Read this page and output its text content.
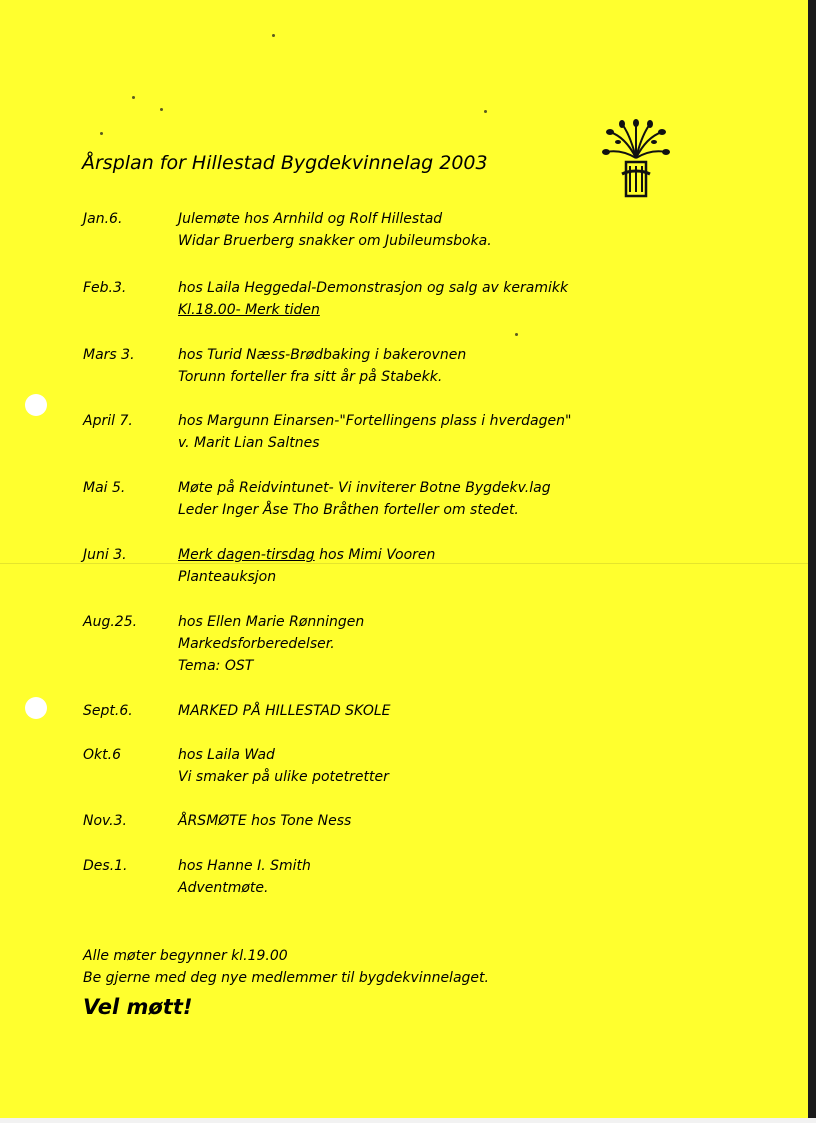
Årsplan for Hillestad Bygdekvinnelag 2003
Jan.6.	Julemøte hos Arnhild og Rolf Hillestad
Widar Bruerberg snakker om Jubileumsboka.
Feb.3.	hos Laila Heggedal-Demonstrasjon og salg av keramikk
Kl.18.00- Merk tiden
Mars 3.	hos Turid Næss-Brødbaking i bakerovnen
Torunn forteller fra sitt år på Stabekk.
April 7.	hos Margunn Einarsen-"Fortellingens plass i hverdagen"
v. Marit Lian Saltnes
Mai 5.	Møte på Reidvintunet- Vi inviterer Botne Bygdekv.lag
Leder Inger Åse Tho Bråthen forteller om stedet.
Juni 3.	Merk dagen-tirsdag hos Mimi Vooren
Planteauksjon
Aug.25.	hos Ellen Marie Rønningen
Markedsforberedelser.
Tema: OST
Sept.6.	MARKED PÅ HILLESTAD SKOLE
Okt.6	hos Laila Wad
Vi smaker på ulike potetretter
Nov.3.	ÅRSMØTE hos Tone Ness
Des.1.	hos Hanne I. Smith
Adventmøte.
Alle møter begynner kl.19.00
Be gjerne med deg nye medlemmer til bygdekvinnelaget.
Vel møtt!
